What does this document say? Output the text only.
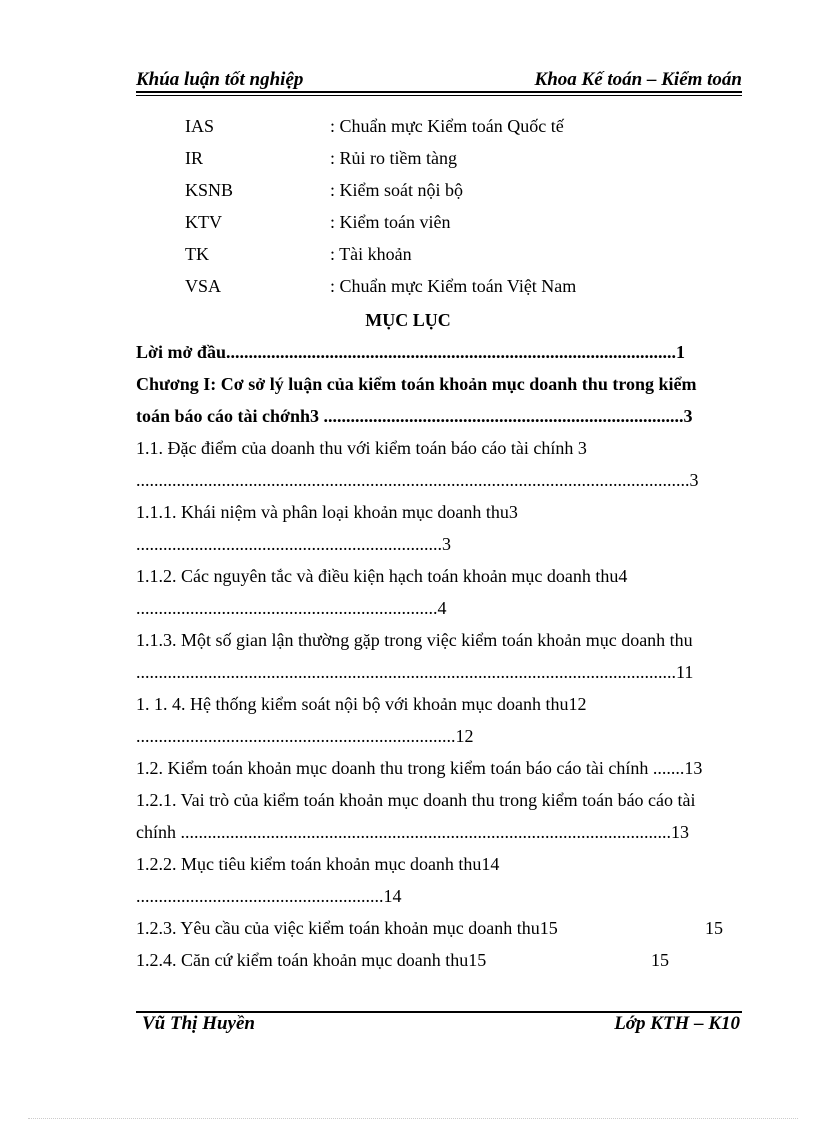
Khúa luận tốt nghiệp	Khoa Kế toán – Kiểm toán
IAS	: Chuẩn mực Kiểm toán Quốc tế
IR	: Rủi ro tiềm tàng
KSNB	: Kiểm soát nội bộ
KTV	: Kiểm toán viên
TK	: Tài khoản
VSA	: Chuẩn mực Kiểm toán Việt Nam
MỤC LỤC
Lời mở đầu....................................................................................................1
Chương I: Cơ sở lý luận của kiểm toán khoản mục doanh thu trong kiểm
toán báo cáo tài chớnh3 ................................................................................3
1.1. Đặc điểm của doanh thu với kiểm toán báo cáo tài chính 3
...........................................................................................................................3
1.1.1. Khái niệm và phân loại khoản mục doanh thu3
....................................................................3
1.1.2. Các nguyên tắc và điều kiện hạch toán khoản mục doanh thu4
...................................................................4
1.1.3. Một số gian lận thường gặp trong việc kiểm toán khoản mục doanh thu
........................................................................................................................11
1. 1. 4. Hệ thống kiểm soát nội bộ với khoản mục doanh thu12
.......................................................................12
1.2. Kiểm toán khoản mục doanh thu trong kiểm toán báo cáo tài chính .......13
1.2.1. Vai trò của kiểm toán khoản mục doanh thu trong kiểm toán báo cáo tài
chính .............................................................................................................13
1.2.2. Mục tiêu kiểm toán khoản mục doanh thu14
.......................................................14
1.2.3. Yêu cầu của việc kiểm toán khoản mục doanh thu15	15
1.2.4. Căn cứ kiểm toán khoản mục doanh thu15	15
Vũ Thị Huyền	Lớp KTH – K10
